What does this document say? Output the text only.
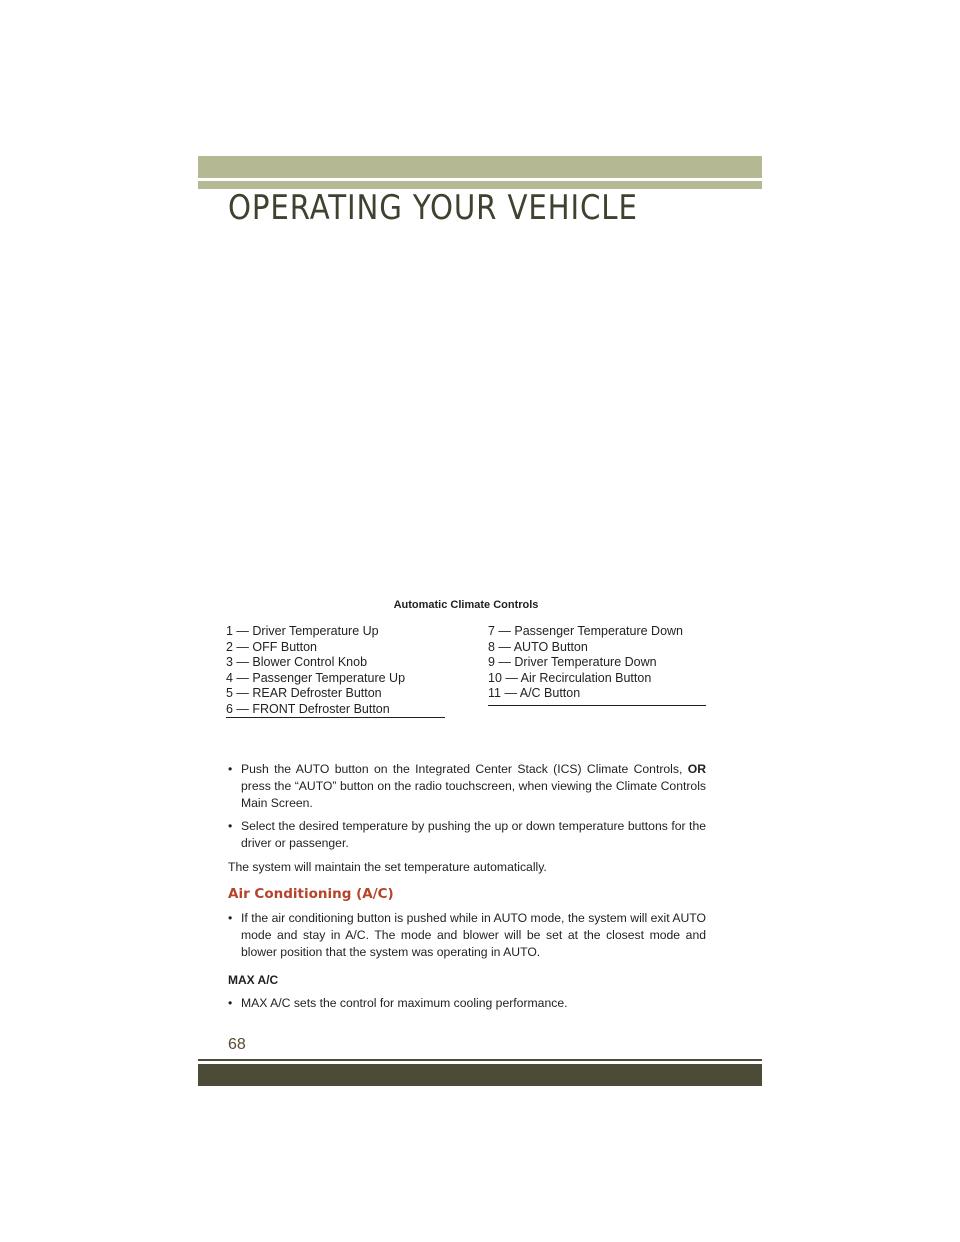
OPERATING YOUR VEHICLE
Automatic Climate Controls
1 — Driver Temperature Up
2 — OFF Button
3 — Blower Control Knob
4 — Passenger Temperature Up
5 — REAR Defroster Button
6 — FRONT Defroster Button
7 — Passenger Temperature Down
8 — AUTO Button
9 — Driver Temperature Down
10 — Air Recirculation Button
11 — A/C Button
• Push the AUTO button on the Integrated Center Stack (ICS) Climate Controls, OR press the “AUTO” button on the radio touchscreen, when viewing the Climate Controls Main Screen.
• Select the desired temperature by pushing the up or down temperature buttons for the driver or passenger.
The system will maintain the set temperature automatically.
Air Conditioning (A/C)
• If the air conditioning button is pushed while in AUTO mode, the system will exit AUTO mode and stay in A/C. The mode and blower will be set at the closest mode and blower position that the system was operating in AUTO.
MAX A/C
• MAX A/C sets the control for maximum cooling performance.
68
